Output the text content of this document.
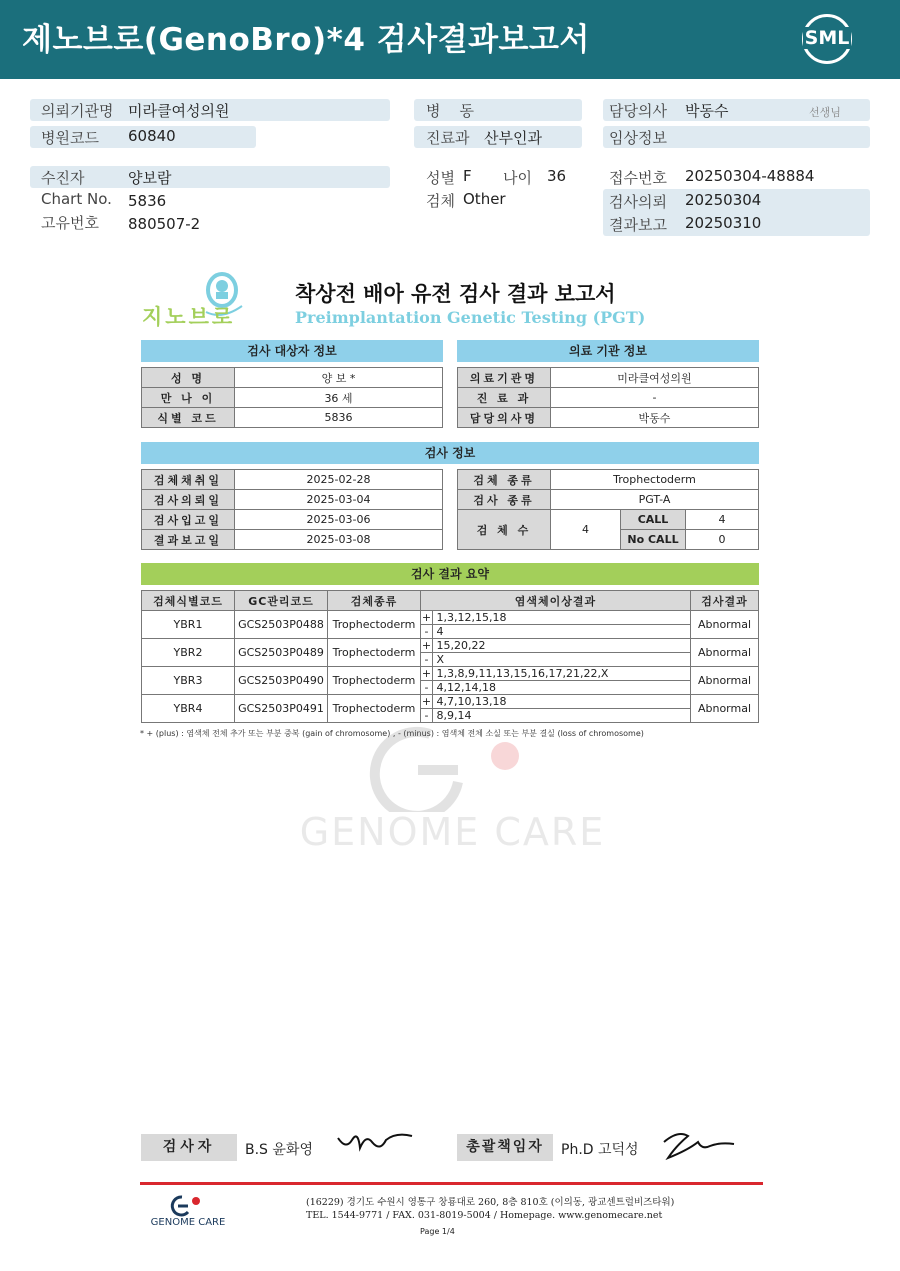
제노브로(GenoBro)*4 검사결과보고서	SML
의뢰기관명 미라클여성의원
병원코드 60840
병    동
진료과 산부인과
담당의사 박동수	선생님
임상정보
수진자	양보람
Chart No. 5836
고유번호 880507-2
성별 F 나이 36
검체 Other
접수번호 20250304-48884
검사의뢰 20250304
결과보고 20250310
지노브로
착상전 배아 유전 검사 결과 보고서
Preimplantation Genetic Testing (PGT)
검사 대상자 정보	의료 기관 정보
성 명	양 보 *
만 나 이	36 세
식별 코드	5836
의료기관명	미라클여성의원
진 료 과	-
담당의사명	박동수
검사 정보
검체채취일	2025-02-28
검사의뢰일	2025-03-04
검사입고일	2025-03-06
결과보고일	2025-03-08
검체 종류	Trophectoderm		
검사 종류	PGT-A		
검 체 수	4	CALL	4
		No CALL	0
검사 결과 요약
검체식별코드	GC관리코드	검체종류	염색체이상결과	검사결과
YBR1	GCS2503P0488	Trophectoderm	+ 1,3,12,15,18	Abnormal
			- 4	
YBR2	GCS2503P0489	Trophectoderm	+ 15,20,22	Abnormal
			- X	
YBR3	GCS2503P0490	Trophectoderm	+ 1,3,8,9,11,13,15,16,17,21,22,X	Abnormal
			- 4,12,14,18	
YBR4	GCS2503P0491	Trophectoderm	+ 4,7,10,13,18	Abnormal
			- 8,9,14	
* + (plus) : 염색체 전체 추가 또는 부분 중복 (gain of chromosome) , - (minus) : 염색체 전체 소실 또는 부분 결실 (loss of chromosome)
GENOME CARE
검사자	B.S 윤화영	총괄책임자	Ph.D 고덕성
GENOME CARE
(16229) 경기도 수원시 영통구 창룡대로 260, 8층 810호 (이의동, 광교센트럴비즈타워)
TEL. 1544-9771 / FAX. 031-8019-5004 / Homepage. www.genomecare.net
Page 1/4
